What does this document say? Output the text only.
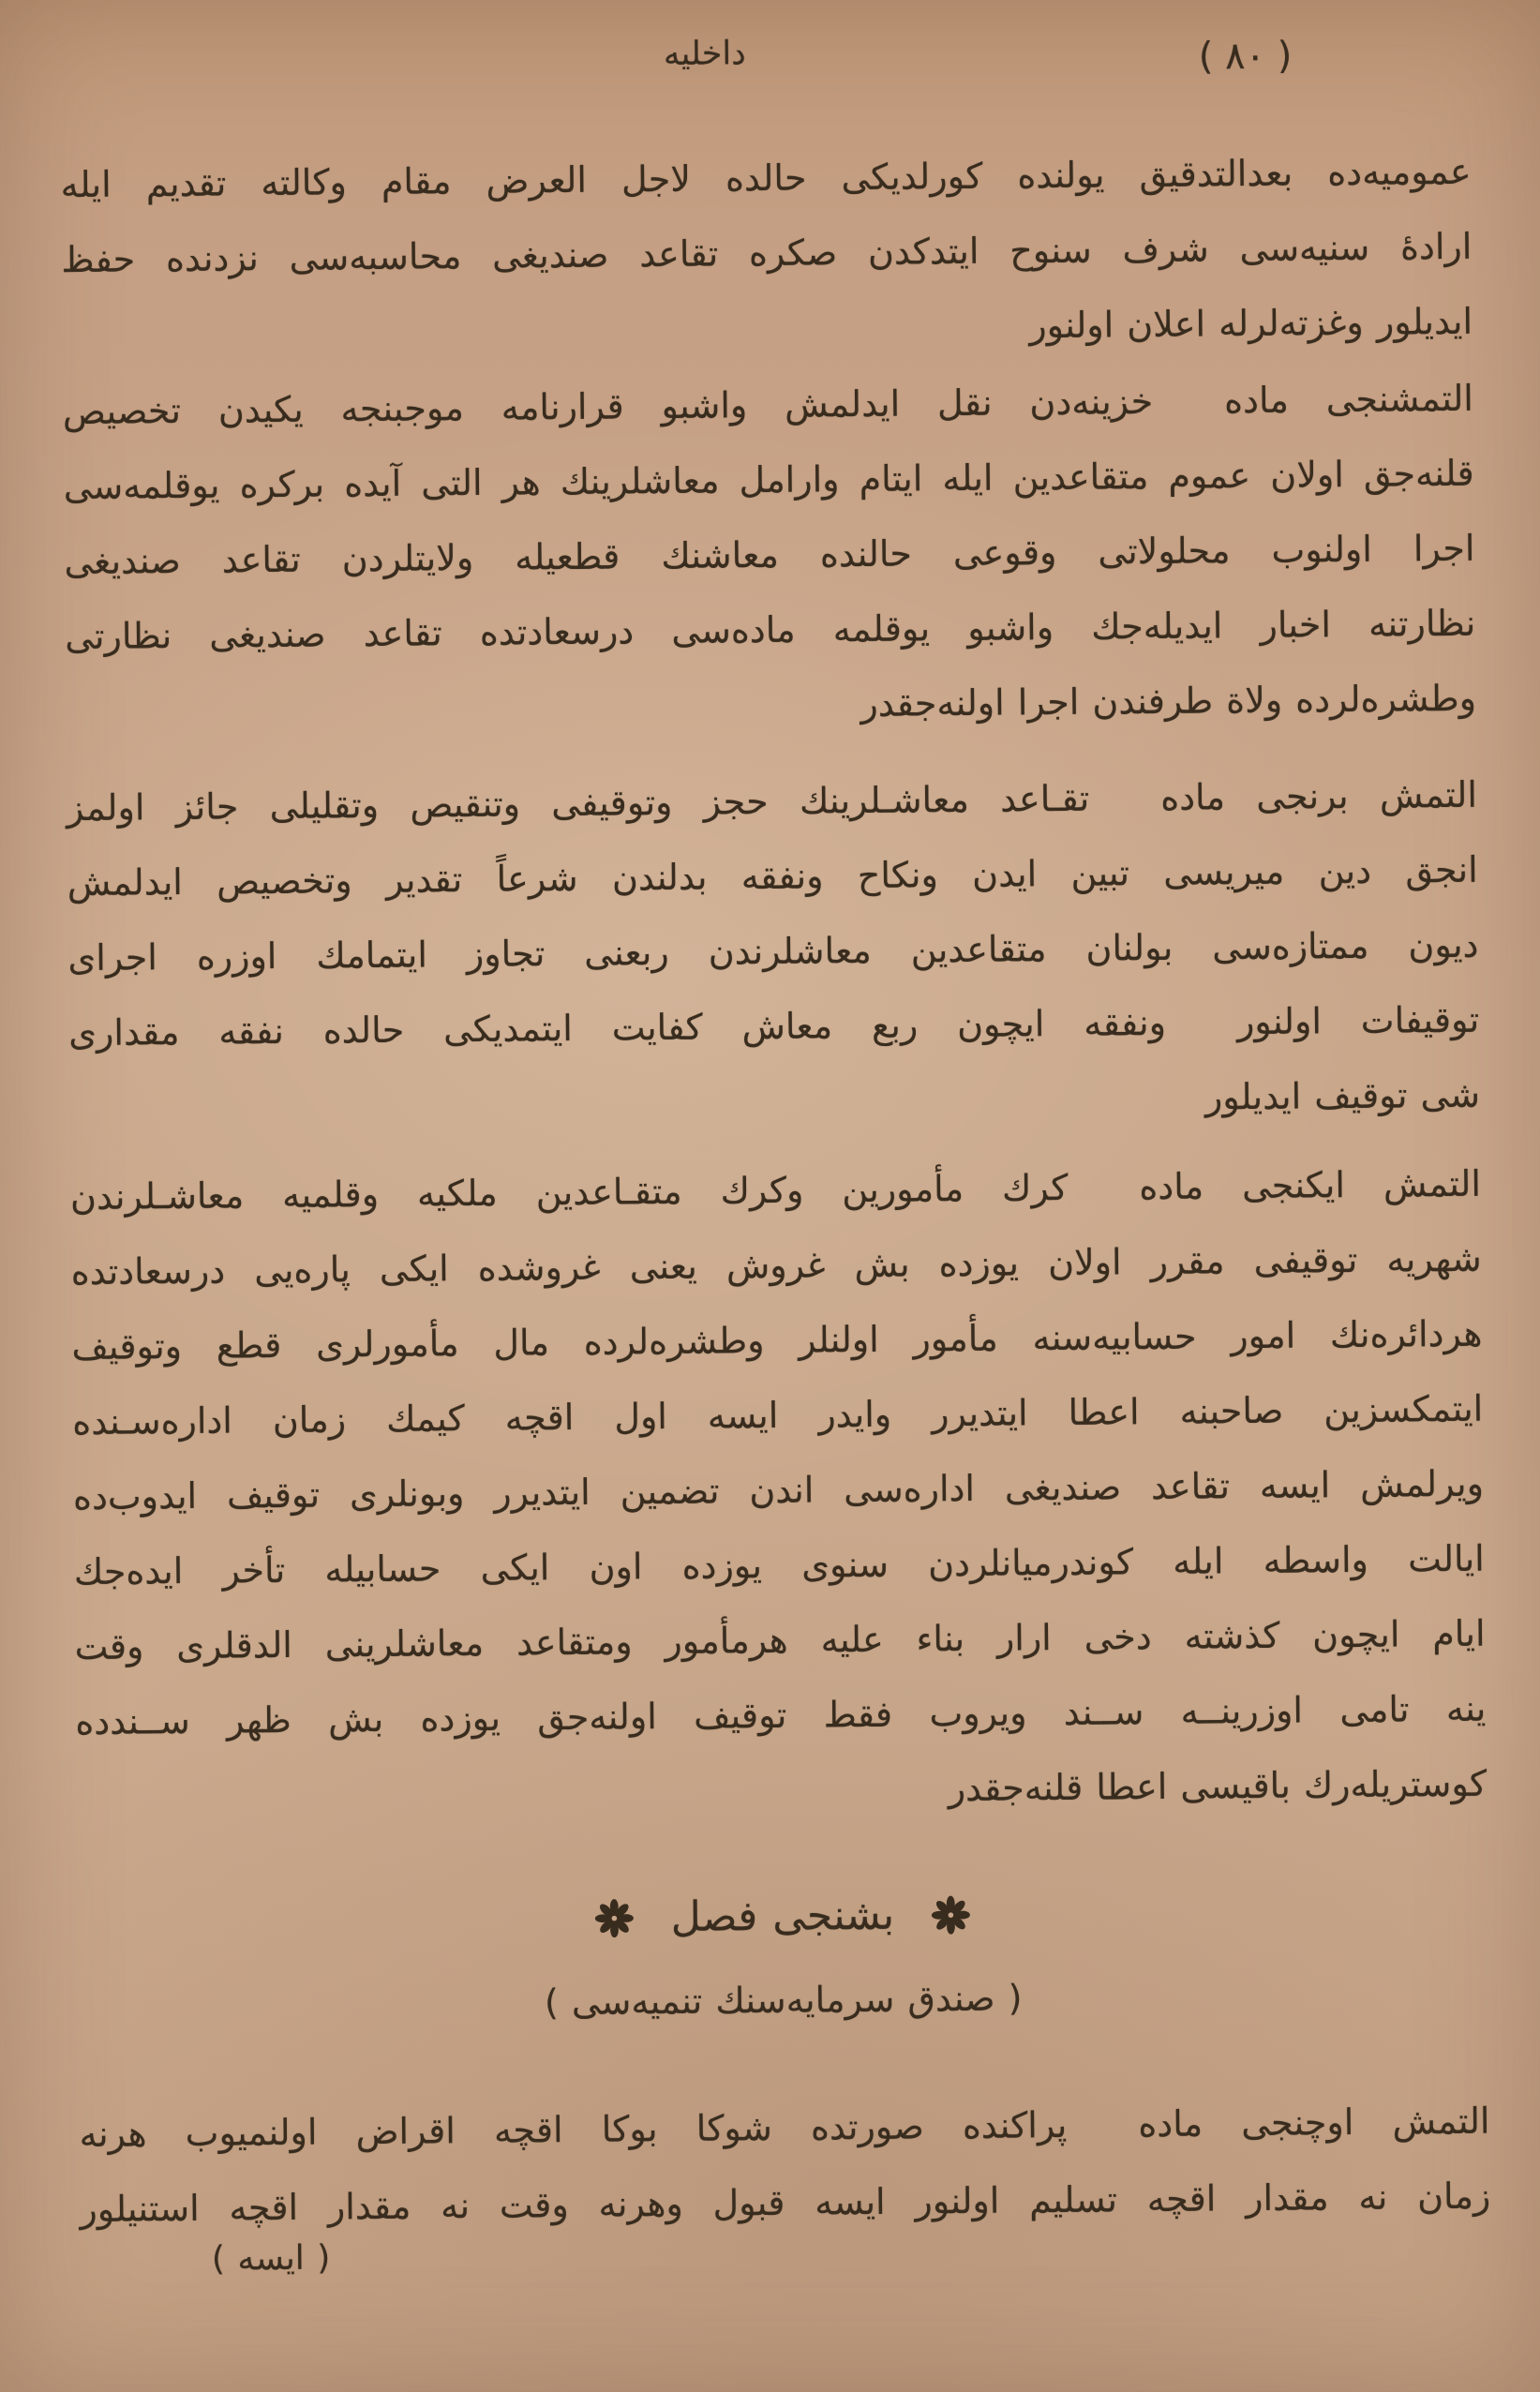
( ٨٠ )
داخليه
عموميه‌ده بعدالتدقيق يولنده كورلديكى حالده لاجل العرض مقام وكالته تقديم ايله
ارادۀ سنيه‌سى شرف سنوح ايتدكدن صكره تقاعد صنديغى محاسبه‌سى نزدنده حفظ
ايديلور وغزته‌لرله اعلان اولنور
التمشنجى ماده  خزينه‌دن نقل ايدلمش واشبو قرارنامه موجبنجه يكيدن تخصيص
قلنه‌جق اولان عموم متقاعدين ايله ايتام وارامل معاشلرينك هر التى آيده بركره يوقلمه‌سى
اجرا اولنوب محلولاتى وقوعى حالنده معاشنك قطعيله ولايتلردن تقاعد صنديغى
نظارتنه اخبار ايديله‌جك واشبو يوقلمه ماده‌سى درسعادتده تقاعد صنديغى نظارتى
وطشره‌لرده ولاة طرفندن اجرا اولنه‌جقدر
التمش برنجى ماده  تقـاعد معاشـلرينك حجز وتوقيفى وتنقيص وتقليلى جائز اولمز
انجق دين ميريسى تبين ايدن ونكاح ونفقه بدلندن شرعاً تقدير وتخصيص ايدلمش
ديون ممتازه‌سى بولنان متقاعدين معاشلرندن ربعنى تجاوز ايتمامك اوزره اجراى
توقيفات اولنور  ونفقه ايچون ربع معاش كفايت ايتمديكى حالده نفقه مقدارى
شى توقيف ايديلور
التمش ايكنجى ماده  كرك مأمورين وكرك متقـاعدين ملكيه وقلميه معاشـلرندن
شهريه توقيفى مقرر اولان يوزده بش غروش يعنى غروشده ايكى پاره‌يى درسعادتده
هردائره‌نك امور حسابيه‌سنه مأمور اولنلر وطشره‌لرده مال مأمورلرى قطع وتوقيف
ايتمكسزين صاحبنه اعطا ايتديرر وايدر ايسه اول اقچه كيمك زمان اداره‌سـنده
ويرلمش ايسه تقاعد صنديغى اداره‌سى اندن تضمين ايتديرر وبونلرى توقيف ايدوب‌ده
ايالت واسطه ايله كوندرميانلردن سنوى يوزده اون ايكى حسابيله تأخر ايده‌جك
ايام ايچون كذشته دخى ارار بناء عليه هرمأمور ومتقاعد معاشلرينى الدقلرى وقت
ينه تامى اوزرينــه ســند ويروب فقط توقيف اولنه‌جق يوزده بش ظهر ســندده
كوستريله‌رك باقيسى اعطا قلنه‌جقدر
بشنجى فصل
( صندق سرمايه‌سنك تنميه‌سى )
التمش اوچنجى ماده  پراكنده صورتده شوكا بوكا اقچه اقراض اولنميوب هرنه
زمان نه مقدار اقچه تسليم اولنور ايسه قبول وهرنه وقت نه مقدار اقچه استنيلور
( ايسه )
